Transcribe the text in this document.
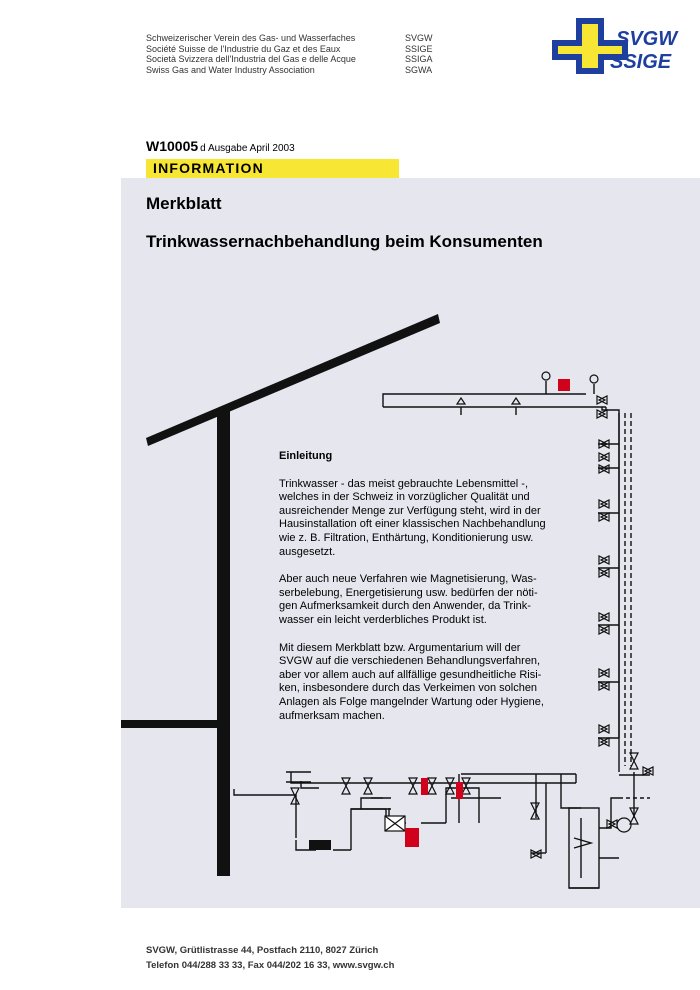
Schweizerischer Verein des Gas- und Wasserfaches
Société Suisse de l'Industrie du Gaz et des Eaux
Società Svizzera dell'Industria del Gas e delle Acque
Swiss Gas and Water Industry Association
SVGW
SSIGE
SSIGA
SGWA
SVGW
SSIGE
W10005 d Ausgabe April 2003
INFORMATION
Merkblatt
Trinkwassernachbehandlung beim Konsumenten
Einleitung

Trinkwasser - das meist gebrauchte Lebensmittel -,
welches in der Schweiz in vorzüglicher Qualität und
ausreichender Menge zur Verfügung steht, wird in der
Hausinstallation oft einer klassischen Nachbehandlung
wie z. B. Filtration, Enthärtung, Konditionierung usw.
ausgesetzt.

Aber auch neue Verfahren wie Magnetisierung, Was-
serbelebung, Energetisierung usw. bedürfen der nöti-
gen Aufmerksamkeit durch den Anwender, da Trink-
wasser ein leicht verderbliches Produkt ist.

Mit diesem Merkblatt bzw. Argumentarium will der
SVGW auf die verschiedenen Behandlungsverfahren,
aber vor allem auch auf allfällige gesundheitliche Risi-
ken, insbesondere durch das Verkeimen von solchen
Anlagen als Folge mangelnder Wartung oder Hygiene,
aufmerksam machen.

SVGW, Grütlistrasse 44, Postfach 2110, 8027 Zürich
Telefon 044/288 33 33, Fax 044/202 16 33, www.svgw.ch
